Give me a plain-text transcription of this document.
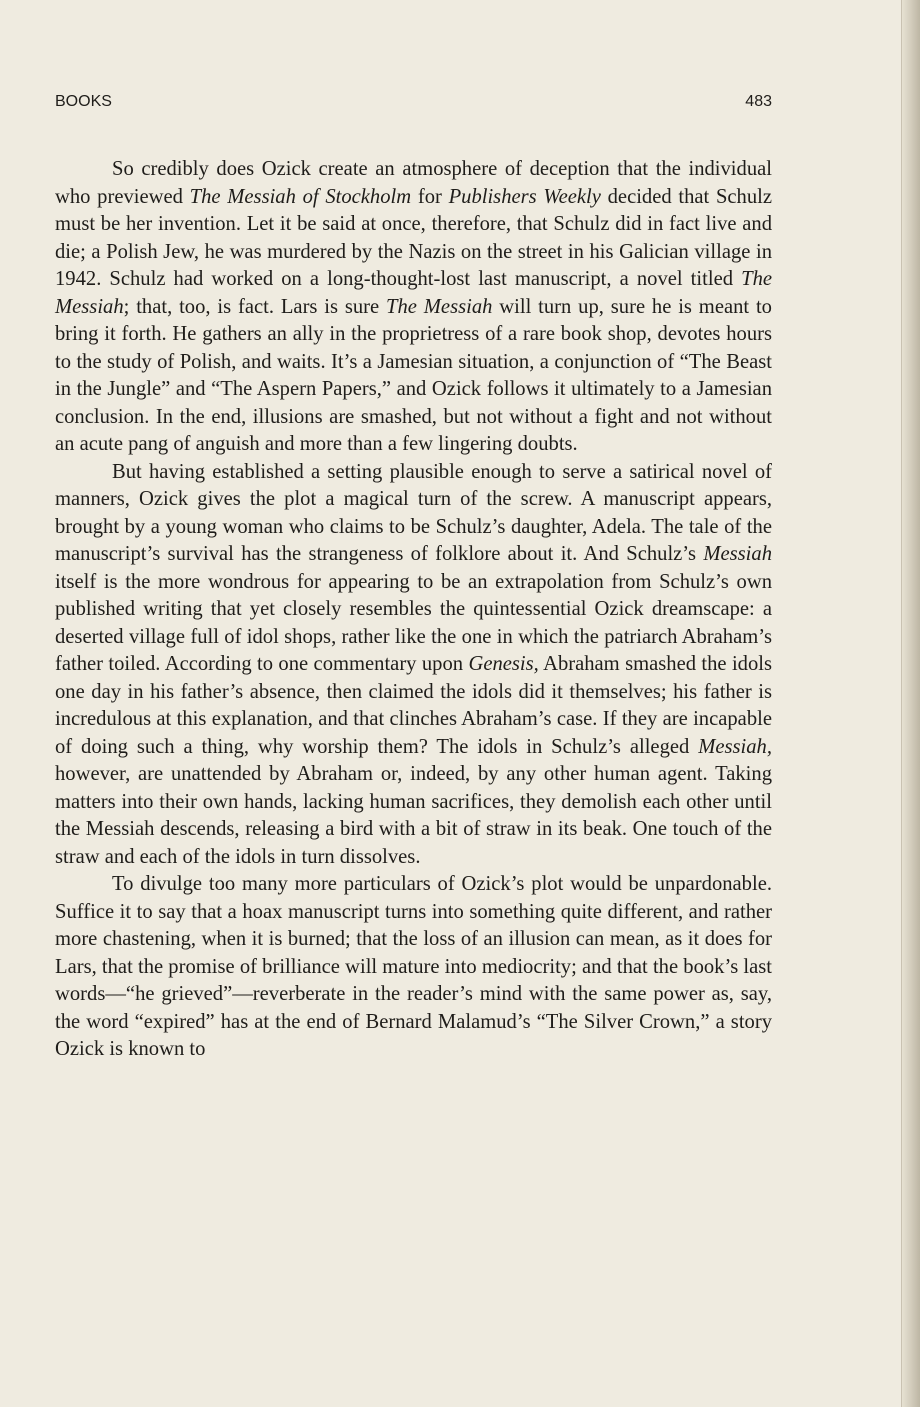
BOOKS	483

So credibly does Ozick create an atmosphere of deception that the individual who previewed The Messiah of Stockholm for Publishers Weekly decided that Schulz must be her invention. Let it be said at once, therefore, that Schulz did in fact live and die; a Polish Jew, he was murdered by the Nazis on the street in his Galician village in 1942. Schulz had worked on a long-thought-lost last manuscript, a novel titled The Messiah; that, too, is fact. Lars is sure The Messiah will turn up, sure he is meant to bring it forth. He gathers an ally in the proprietress of a rare book shop, devotes hours to the study of Polish, and waits. It’s a Jamesian situation, a conjunction of “The Beast in the Jungle” and “The Aspern Papers,” and Ozick follows it ultimately to a Jamesian conclusion. In the end, illusions are smashed, but not without a fight and not without an acute pang of anguish and more than a few lingering doubts.

But having established a setting plausible enough to serve a satirical novel of manners, Ozick gives the plot a magical turn of the screw. A manuscript appears, brought by a young woman who claims to be Schulz’s daughter, Adela. The tale of the manuscript’s survival has the strangeness of folklore about it. And Schulz’s Messiah itself is the more wondrous for appearing to be an extrapolation from Schulz’s own published writing that yet closely resembles the quintessential Ozick dreamscape: a deserted village full of idol shops, rather like the one in which the patriarch Abraham’s father toiled. According to one commentary upon Genesis, Abraham smashed the idols one day in his father’s absence, then claimed the idols did it themselves; his father is incredulous at this explanation, and that clinches Abraham’s case. If they are incapable of doing such a thing, why worship them? The idols in Schulz’s alleged Messiah, however, are unattended by Abraham or, indeed, by any other human agent. Taking matters into their own hands, lacking human sacrifices, they demolish each other until the Messiah descends, releasing a bird with a bit of straw in its beak. One touch of the straw and each of the idols in turn dissolves.

To divulge too many more particulars of Ozick’s plot would be unpardonable. Suffice it to say that a hoax manuscript turns into something quite different, and rather more chastening, when it is burned; that the loss of an illusion can mean, as it does for Lars, that the promise of brilliance will mature into mediocrity; and that the book’s last words—“he grieved”—reverberate in the reader’s mind with the same power as, say, the word “expired” has at the end of Bernard Malamud’s “The Silver Crown,” a story Ozick is known to
